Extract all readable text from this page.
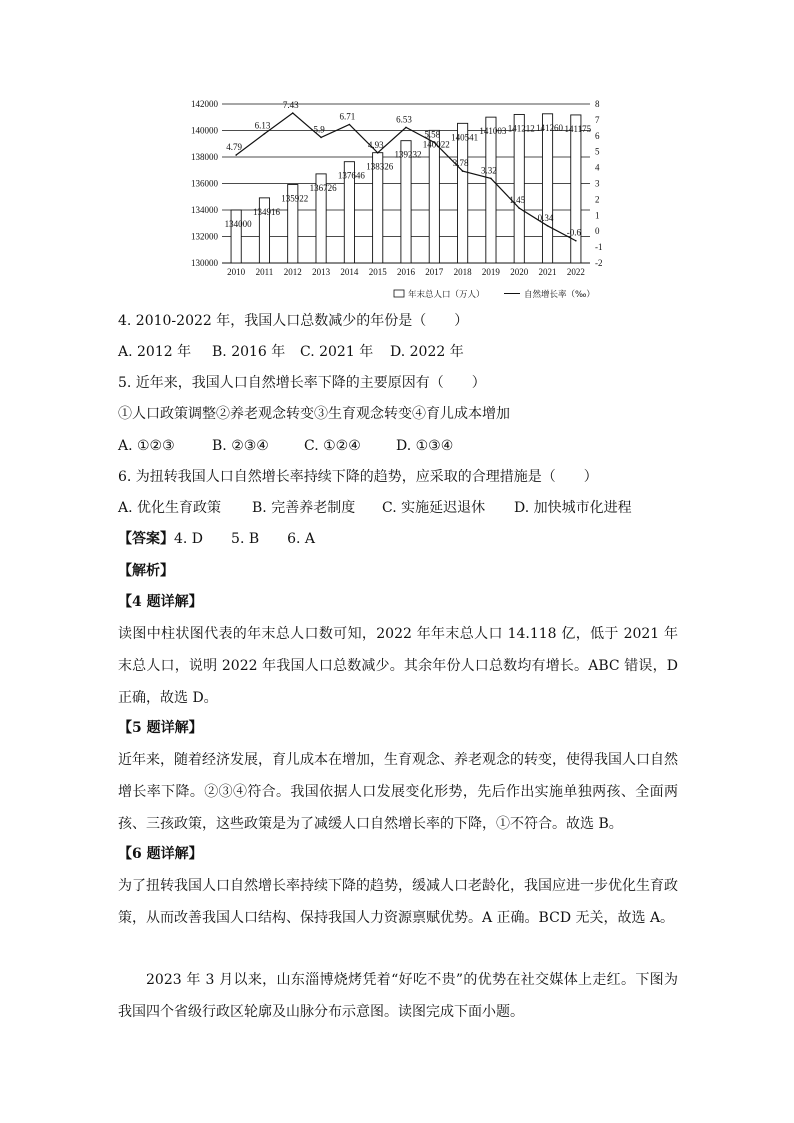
142000
140000
138000
136000
134000
132000
130000
8
7
6
5
4
3
2
1
0
-1
-2
2010 2011 2012 2013 2014 2015 2016 2017 2018 2019 2020 2021 2022
134000
134916
135922
136726
137646
138326
139232
140022
140541
141003 141212 141260 141175
4.79
6.13
7.43
5.9
6.71
4.93
6.53
5.58
3.78
3.32
1.45
0.34
-0.6
年末总人口（万人）	自然增长率（‰）
4. 2010-2022 年，我国人口总数减少的年份是（　　）
A. 2012 年 B. 2016 年 C. 2021 年 D. 2022 年
5. 近年来，我国人口自然增长率下降的主要原因有（　　）
①人口政策调整②养老观念转变③生育观念转变④育儿成本增加
A. ①②③	B. ②③④	C. ①②④	D. ①③④
6. 为扭转我国人口自然增长率持续下降的趋势，应采取的合理措施是（　　）
A. 优化生育政策 B. 完善养老制度 C. 实施延迟退休 D. 加快城市化进程
【答案】4. D　　5. B　　6. A
【解析】
【4 题详解】
读图中柱状图代表的年末总人口数可知，2022 年年末总人口 14.118 亿，低于 2021 年末总人口，说明 2022 年我国人口总数减少。其余年份人口总数均有增长。ABC 错误，D 正确，故选 D。
【5 题详解】
近年来，随着经济发展，育儿成本在增加，生育观念、养老观念的转变，使得我国人口自然增长率下降。②③④符合。我国依据人口发展变化形势，先后作出实施单独两孩、全面两孩、三孩政策，这些政策是为了减缓人口自然增长率的下降，①不符合。故选 B。
【6 题详解】
为了扭转我国人口自然增长率持续下降的趋势，缓减人口老龄化，我国应进一步优化生育政策，从而改善我国人口结构、保持我国人力资源禀赋优势。A 正确。BCD 无关，故选 A。
2023 年 3 月以来，山东淄博烧烤凭着“好吃不贵”的优势在社交媒体上走红。下图为我国四个省级行政区轮廓及山脉分布示意图。读图完成下面小题。
